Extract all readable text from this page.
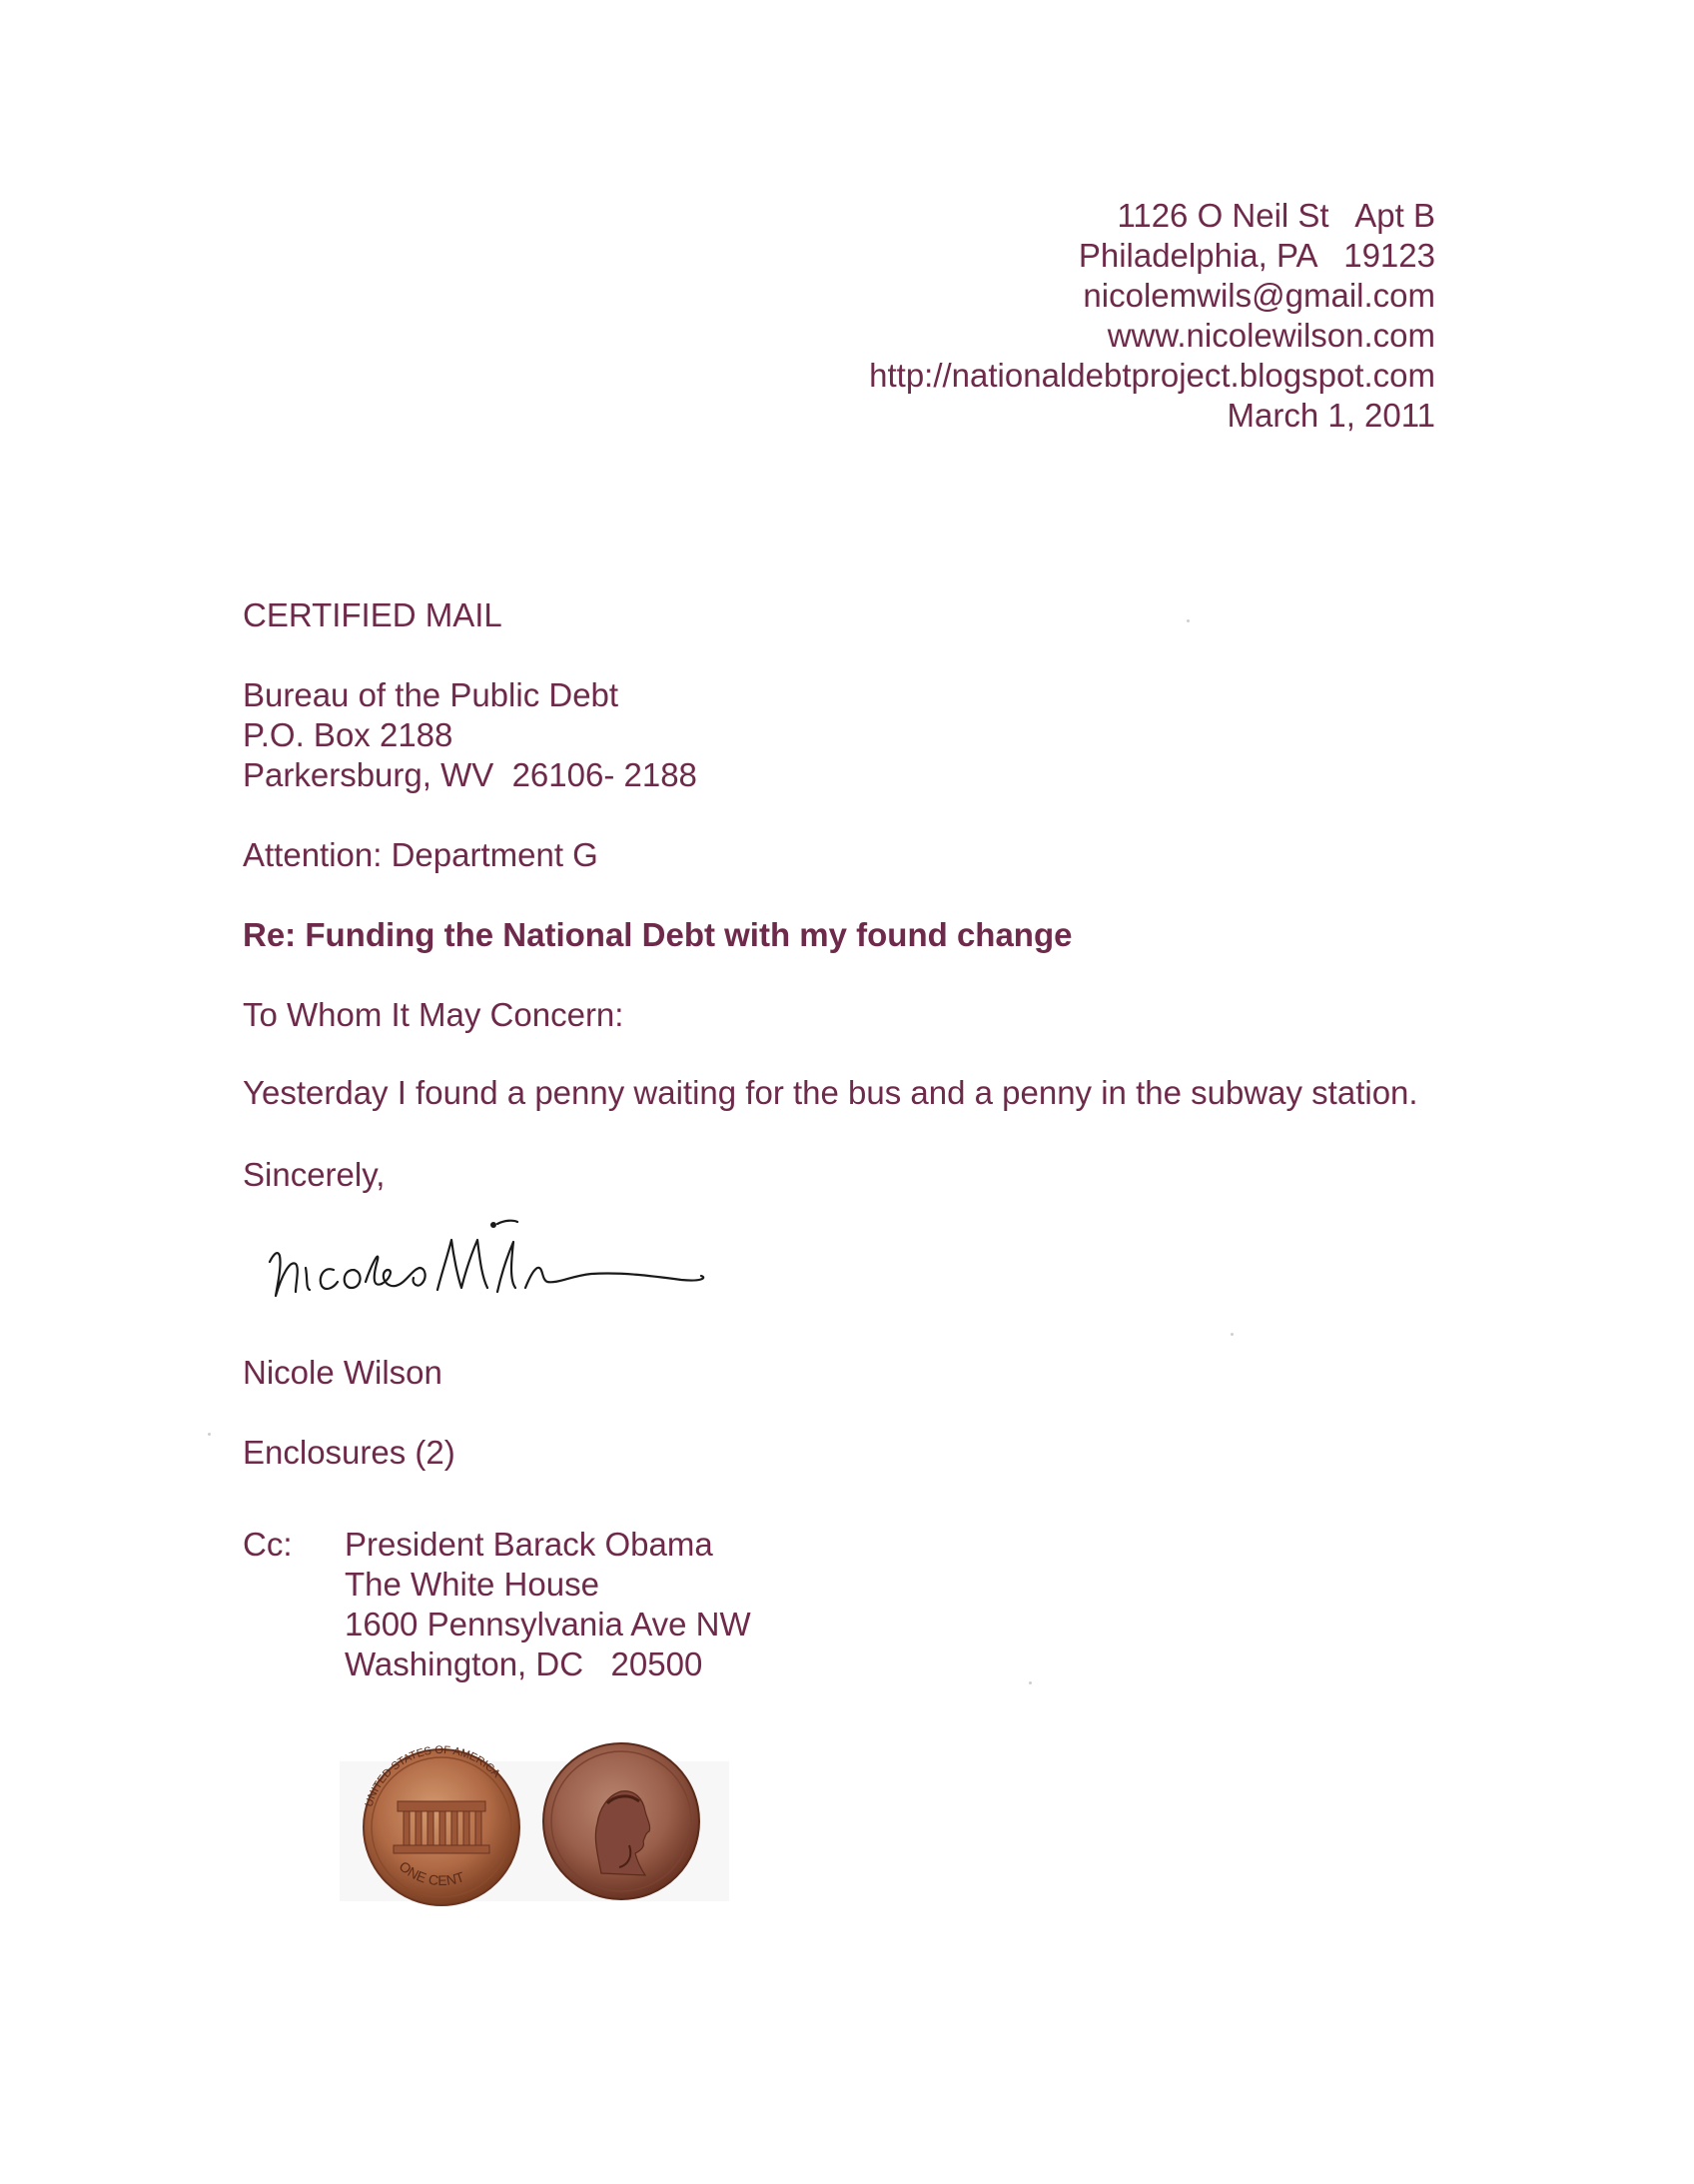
1126 O Neil St   Apt B
Philadelphia, PA   19123
nicolemwils@gmail.com
www.nicolewilson.com
http://nationaldebtproject.blogspot.com
March 1, 2011
CERTIFIED MAIL
Bureau of the Public Debt
P.O. Box 2188
Parkersburg, WV  26106- 2188
Attention: Department G
Re: Funding the National Debt with my found change
To Whom It May Concern:
Yesterday I found a penny waiting for the bus and a penny in the subway station.
Sincerely,
Nicole Wilson
Enclosures (2)
Cc: President Barack Obama
The White House
1600 Pennsylvania Ave NW
Washington, DC   20500
UNITED STATES OF AMERICA
ONE CENT
